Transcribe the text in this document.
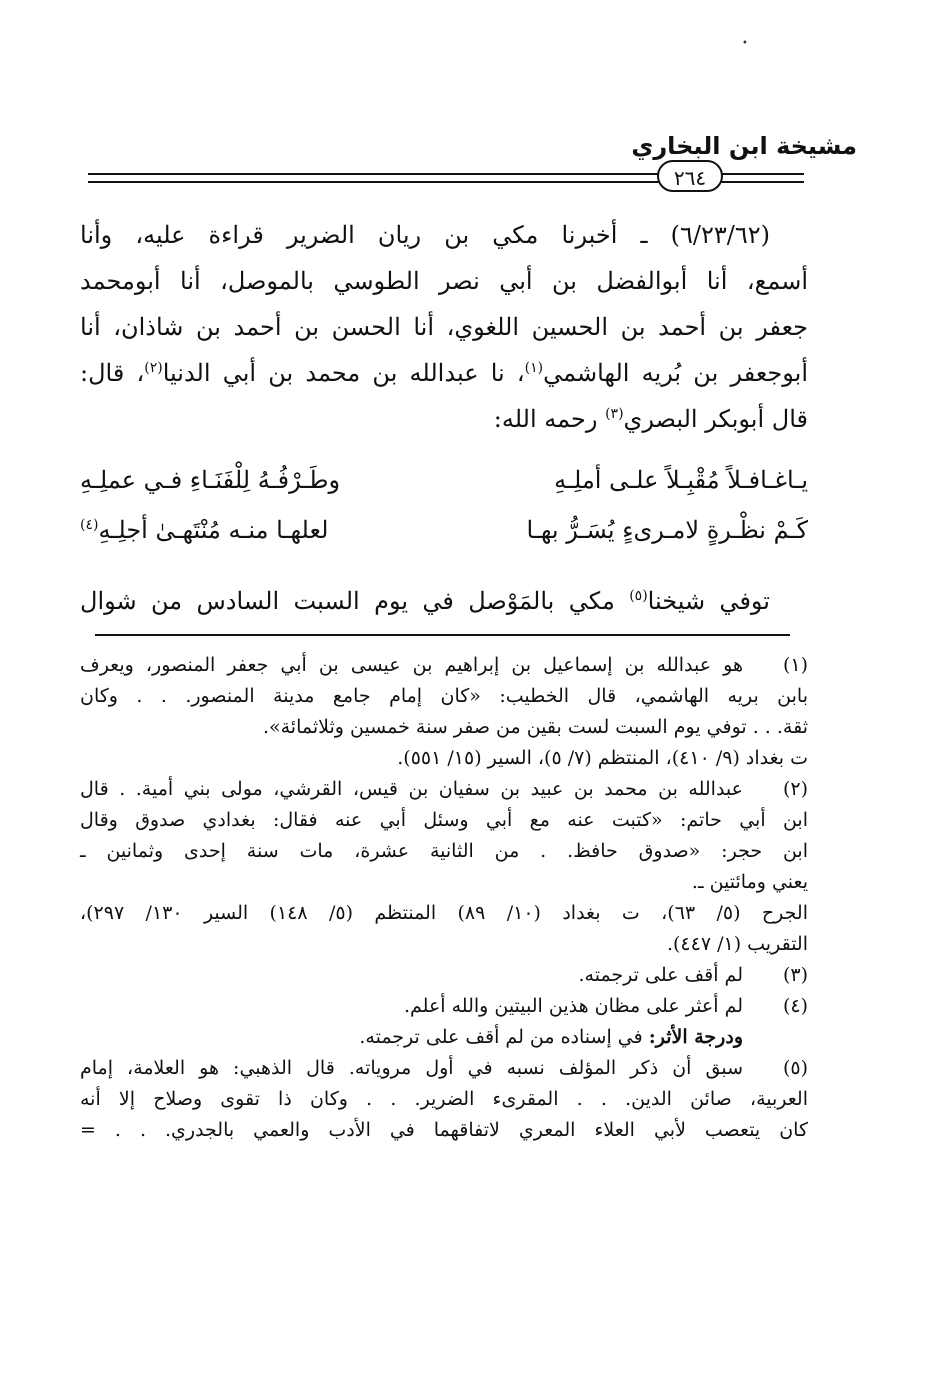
•
مشيخة ابن البخاري
٢٦٤
(٦/٢٣/٦٢) ـ أخبرنا مكي بن ريان الضرير قراءة عليه، وأنا
أسمع، أنا أبوالفضل بن أبي نصر الطوسي بالموصل، أنا أبومحمد
جعفر بن أحمد بن الحسين اللغوي، أنا الحسن بن أحمد بن شاذان، أنا
أبوجعفر بن بُريه الهاشمي$^{(١)}$، نا عبدالله بن محمد بن أبي الدنيا$^{(٢)}$، قال:
قال أبوبكر البصري$^{(٣)}$ رحمه الله:
يـاغـافـلاً مُقْبِـلاً علـى أملِـهِ
وطَـرْفُـهُ لِلْفَنَـاءِ فـي عملِـهِ
كَـمْ نظْـرةٍ لامـرىءٍ يُسَـرُّ بهـا
لعلهـا منـه مُنْتَهـىٰ أجلِـهِ$^{(٤)}$
توفي شيخنا$^{(٥)}$ مكي بالمَوْصل في يوم السبت السادس من شوال
(١)
هو عبدالله بن إسماعيل بن إبراهيم بن عيسى بن أبي جعفر المنصور، ويعرف
بابن بريه الهاشمي، قال الخطيب: «كان إمام جامع مدينة المنصور. . . وكان
ثقة. . . توفي يوم السبت لست بقين من صفر سنة خمسين وثلاثمائة».
ت بغداد (٩/ ٤١٠)، المنتظم (٧/ ٥)، السير (١٥/ ٥٥١).
(٢)
عبدالله بن محمد بن عبيد بن سفيان بن قيس، القرشي، مولى بني أمية. . قال
ابن أبي حاتم: «كتبت عنه مع أبي وسئل أبي عنه فقال: بغدادي صدوق وقال
ابن حجر: «صدوق حافظ. . من الثانية عشرة، مات سنة إحدى وثمانين ـ
يعني ومائتين ـ.
الجرح (٥/ ٦٣)، ت بغداد (١٠/ ٨٩) المنتظم (٥/ ١٤٨) السير ١٣٠/ ٢٩٧)،
التقريب (١/ ٤٤٧).
(٣)
لم أقف على ترجمته.
(٤)
لم أعثر على مظان هذين البيتين والله أعلم.
ودرجة الأثر: في إسناده من لم أقف على ترجمته.
(٥)
سبق أن ذكر المؤلف نسبه في أول مروياته. قال الذهبي: هو العلامة، إمام
العربية، صائن الدين. . . المقرىء الضرير. . . وكان ذا تقوى وصلاح إلا أنه
كان يتعصب لأبي العلاء المعري لاتفاقهما في الأدب والعمي بالجدري. . . =
